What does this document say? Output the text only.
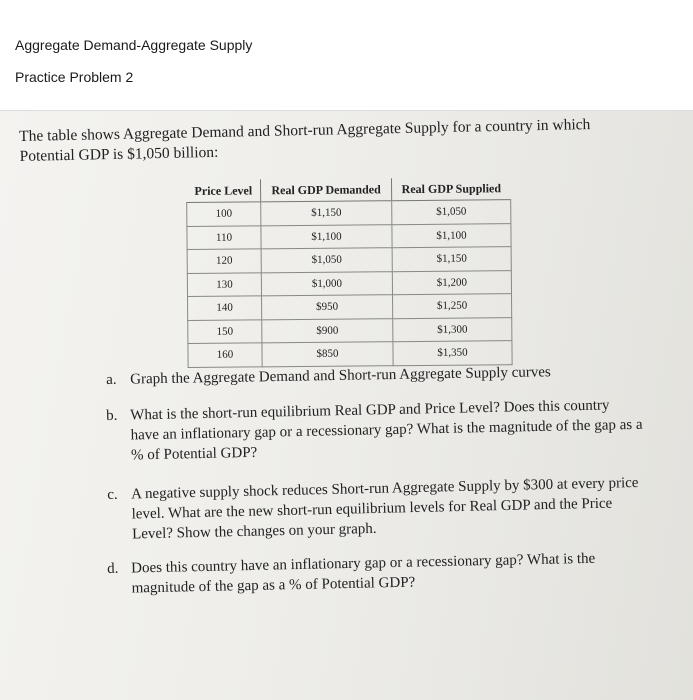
Aggregate Demand-Aggregate Supply
Practice Problem 2
The table shows Aggregate Demand and Short-run Aggregate Supply for a country in which
Potential GDP is $1,050 billion:
Price Level	Real GDP Demanded	Real GDP Supplied
100	$1,150	$1,050
110	$1,100	$1,100
120	$1,050	$1,150
130	$1,000	$1,200
140	$950	$1,250
150	$900	$1,300
160	$850	$1,350
a. Graph the Aggregate Demand and Short-run Aggregate Supply curves
b. What is the short-run equilibrium Real GDP and Price Level? Does this country
have an inflationary gap or a recessionary gap? What is the magnitude of the gap as a
% of Potential GDP?
c. A negative supply shock reduces Short-run Aggregate Supply by $300 at every price
level. What are the new short-run equilibrium levels for Real GDP and the Price
Level? Show the changes on your graph.
d. Does this country have an inflationary gap or a recessionary gap? What is the
magnitude of the gap as a % of Potential GDP?
